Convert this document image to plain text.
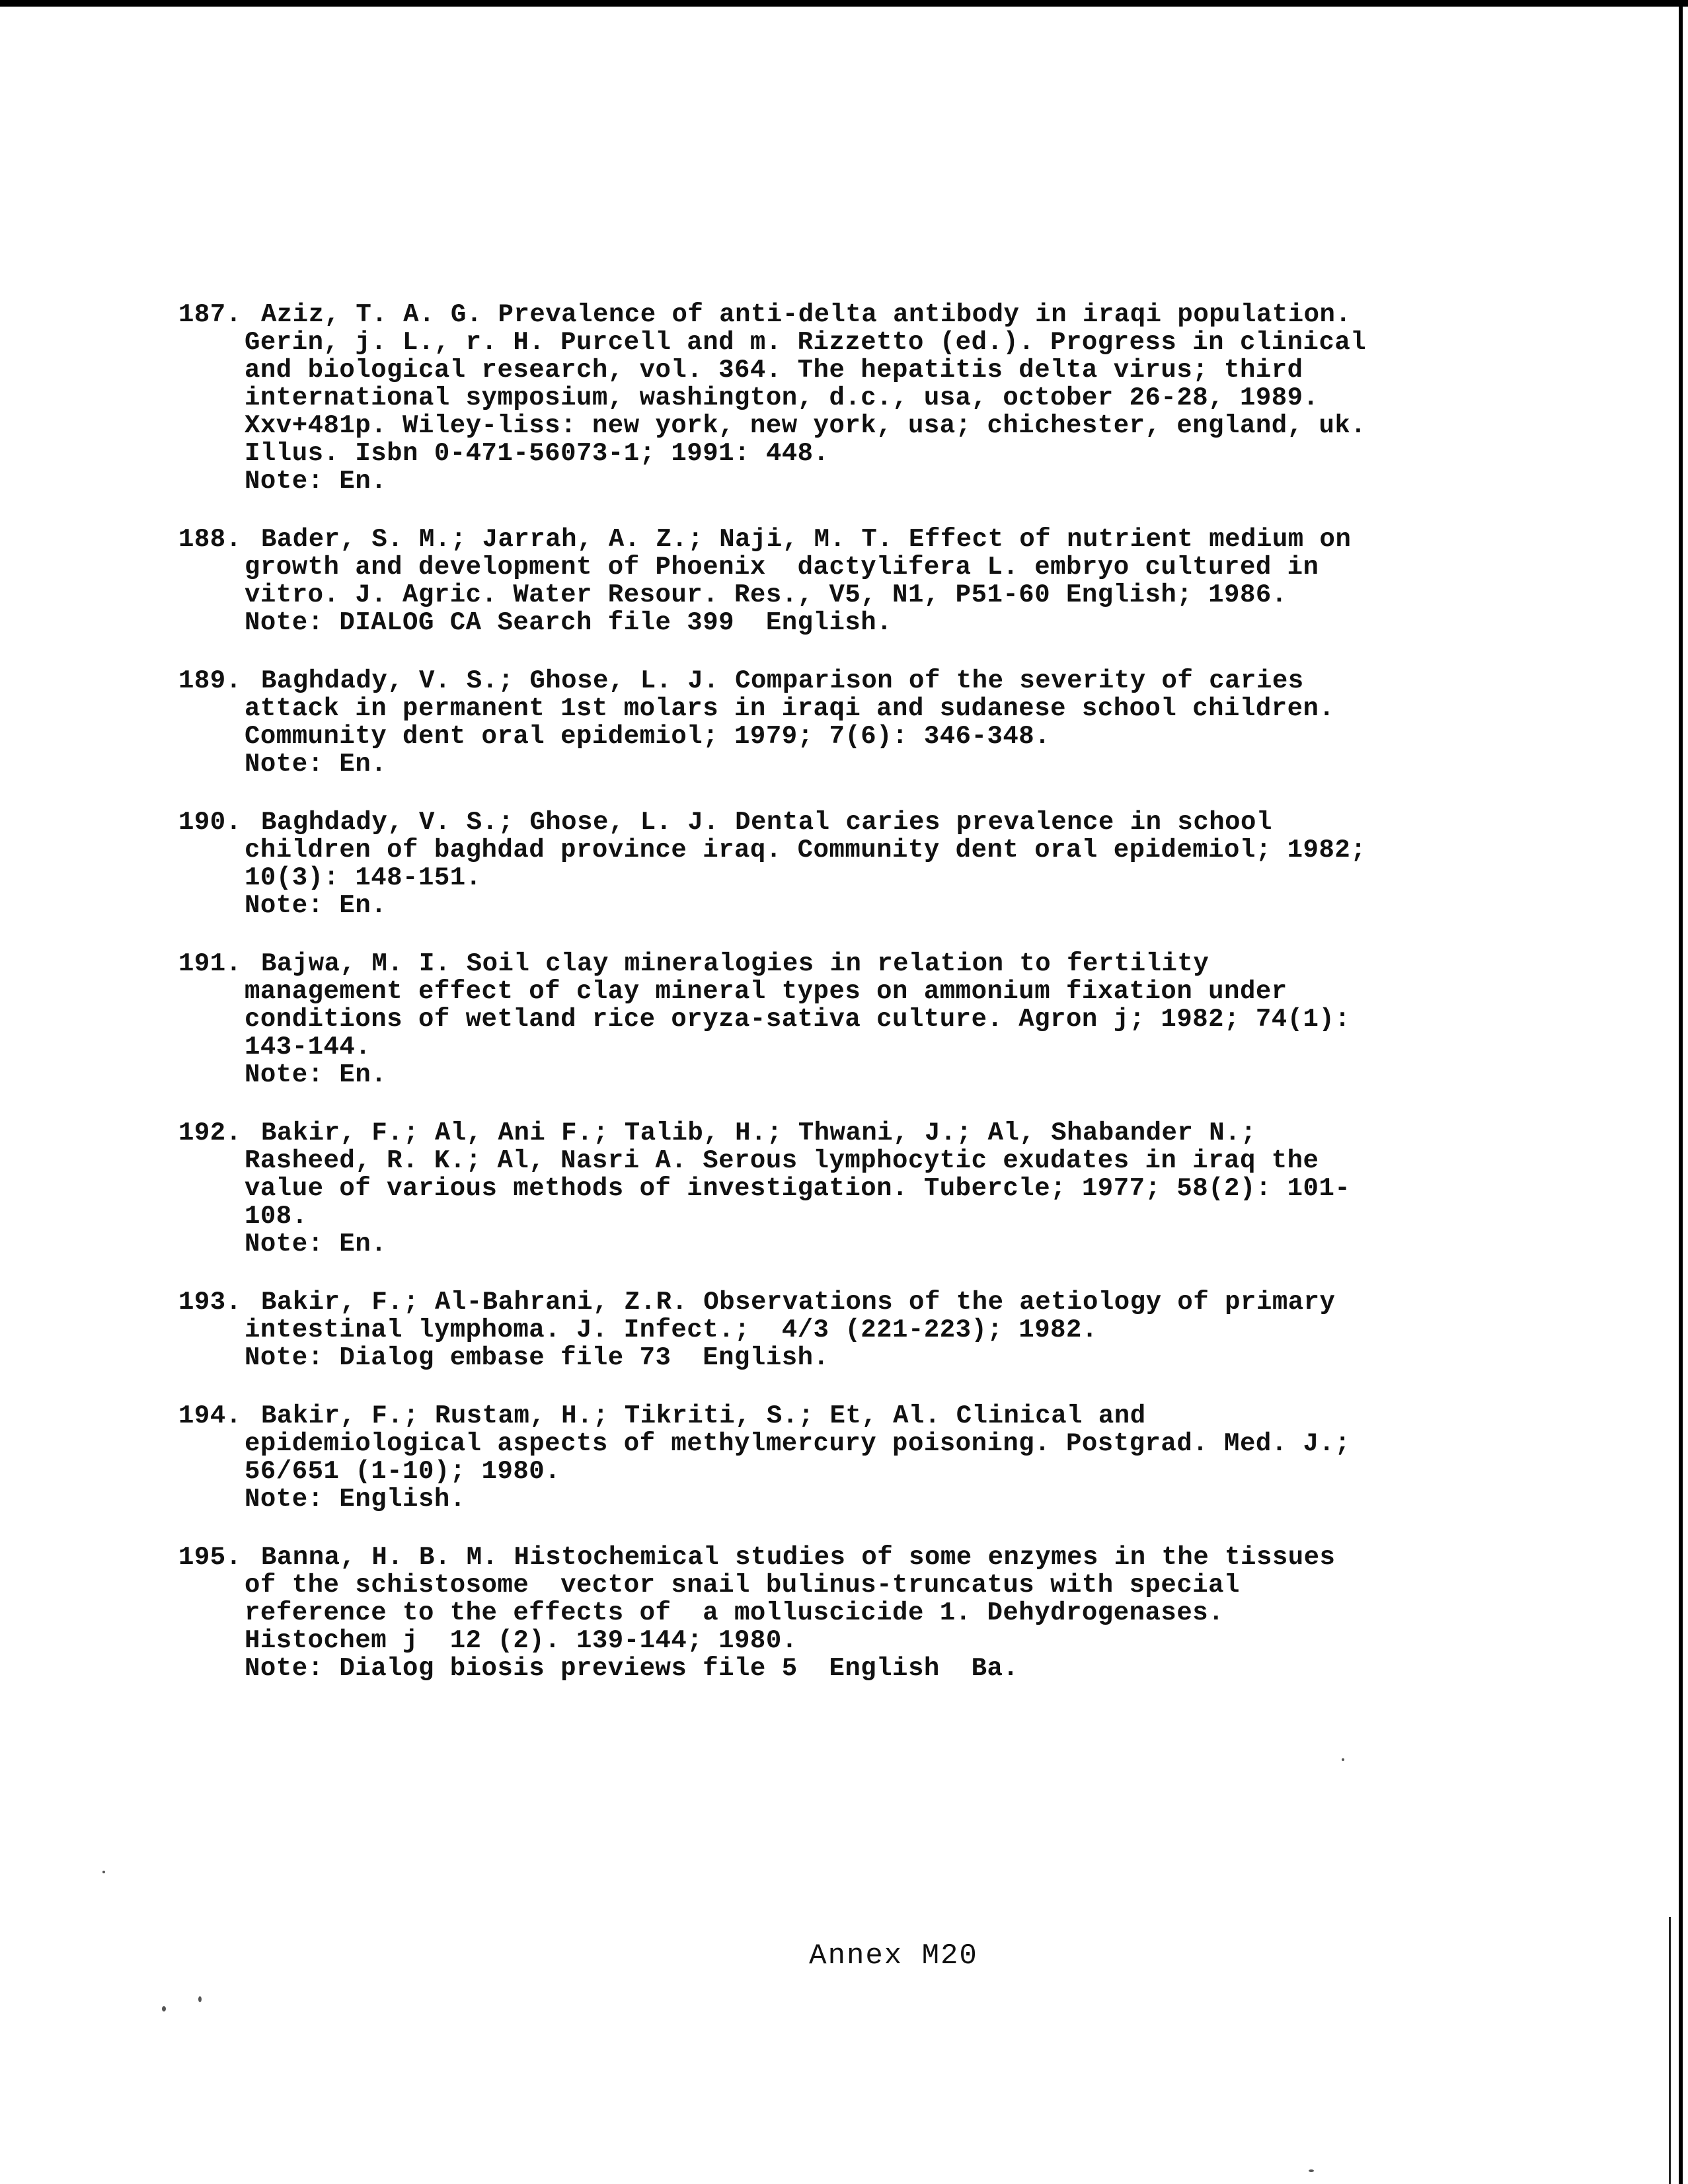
187. Aziz, T. A. G. Prevalence of anti-delta antibody in iraqi population.
Gerin, j. L., r. H. Purcell and m. Rizzetto (ed.). Progress in clinical
and biological research, vol. 364. The hepatitis delta virus; third
international symposium, washington, d.c., usa, october 26-28, 1989.
Xxv+481p. Wiley-liss: new york, new york, usa; chichester, england, uk.
Illus. Isbn 0-471-56073-1; 1991: 448.
Note: En.
188. Bader, S. M.; Jarrah, A. Z.; Naji, M. T. Effect of nutrient medium on
growth and development of Phoenix  dactylifera L. embryo cultured in
vitro. J. Agric. Water Resour. Res., V5, N1, P51-60 English; 1986.
Note: DIALOG CA Search file 399  English.
189. Baghdady, V. S.; Ghose, L. J. Comparison of the severity of caries
attack in permanent 1st molars in iraqi and sudanese school children.
Community dent oral epidemiol; 1979; 7(6): 346-348.
Note: En.
190. Baghdady, V. S.; Ghose, L. J. Dental caries prevalence in school
children of baghdad province iraq. Community dent oral epidemiol; 1982;
10(3): 148-151.
Note: En.
191. Bajwa, M. I. Soil clay mineralogies in relation to fertility
management effect of clay mineral types on ammonium fixation under
conditions of wetland rice oryza-sativa culture. Agron j; 1982; 74(1):
143-144.
Note: En.
192. Bakir, F.; Al, Ani F.; Talib, H.; Thwani, J.; Al, Shabander N.;
Rasheed, R. K.; Al, Nasri A. Serous lymphocytic exudates in iraq the
value of various methods of investigation. Tubercle; 1977; 58(2): 101-
108.
Note: En.
193. Bakir, F.; Al-Bahrani, Z.R. Observations of the aetiology of primary
intestinal lymphoma. J. Infect.;  4/3 (221-223); 1982.
Note: Dialog embase file 73  English.
194. Bakir, F.; Rustam, H.; Tikriti, S.; Et, Al. Clinical and
epidemiological aspects of methylmercury poisoning. Postgrad. Med. J.;
56/651 (1-10); 1980.
Note: English.
195. Banna, H. B. M. Histochemical studies of some enzymes in the tissues
of the schistosome  vector snail bulinus-truncatus with special
reference to the effects of  a molluscicide 1. Dehydrogenases.
Histochem j  12 (2). 139-144; 1980.
Note: Dialog biosis previews file 5  English  Ba.
Annex M20
